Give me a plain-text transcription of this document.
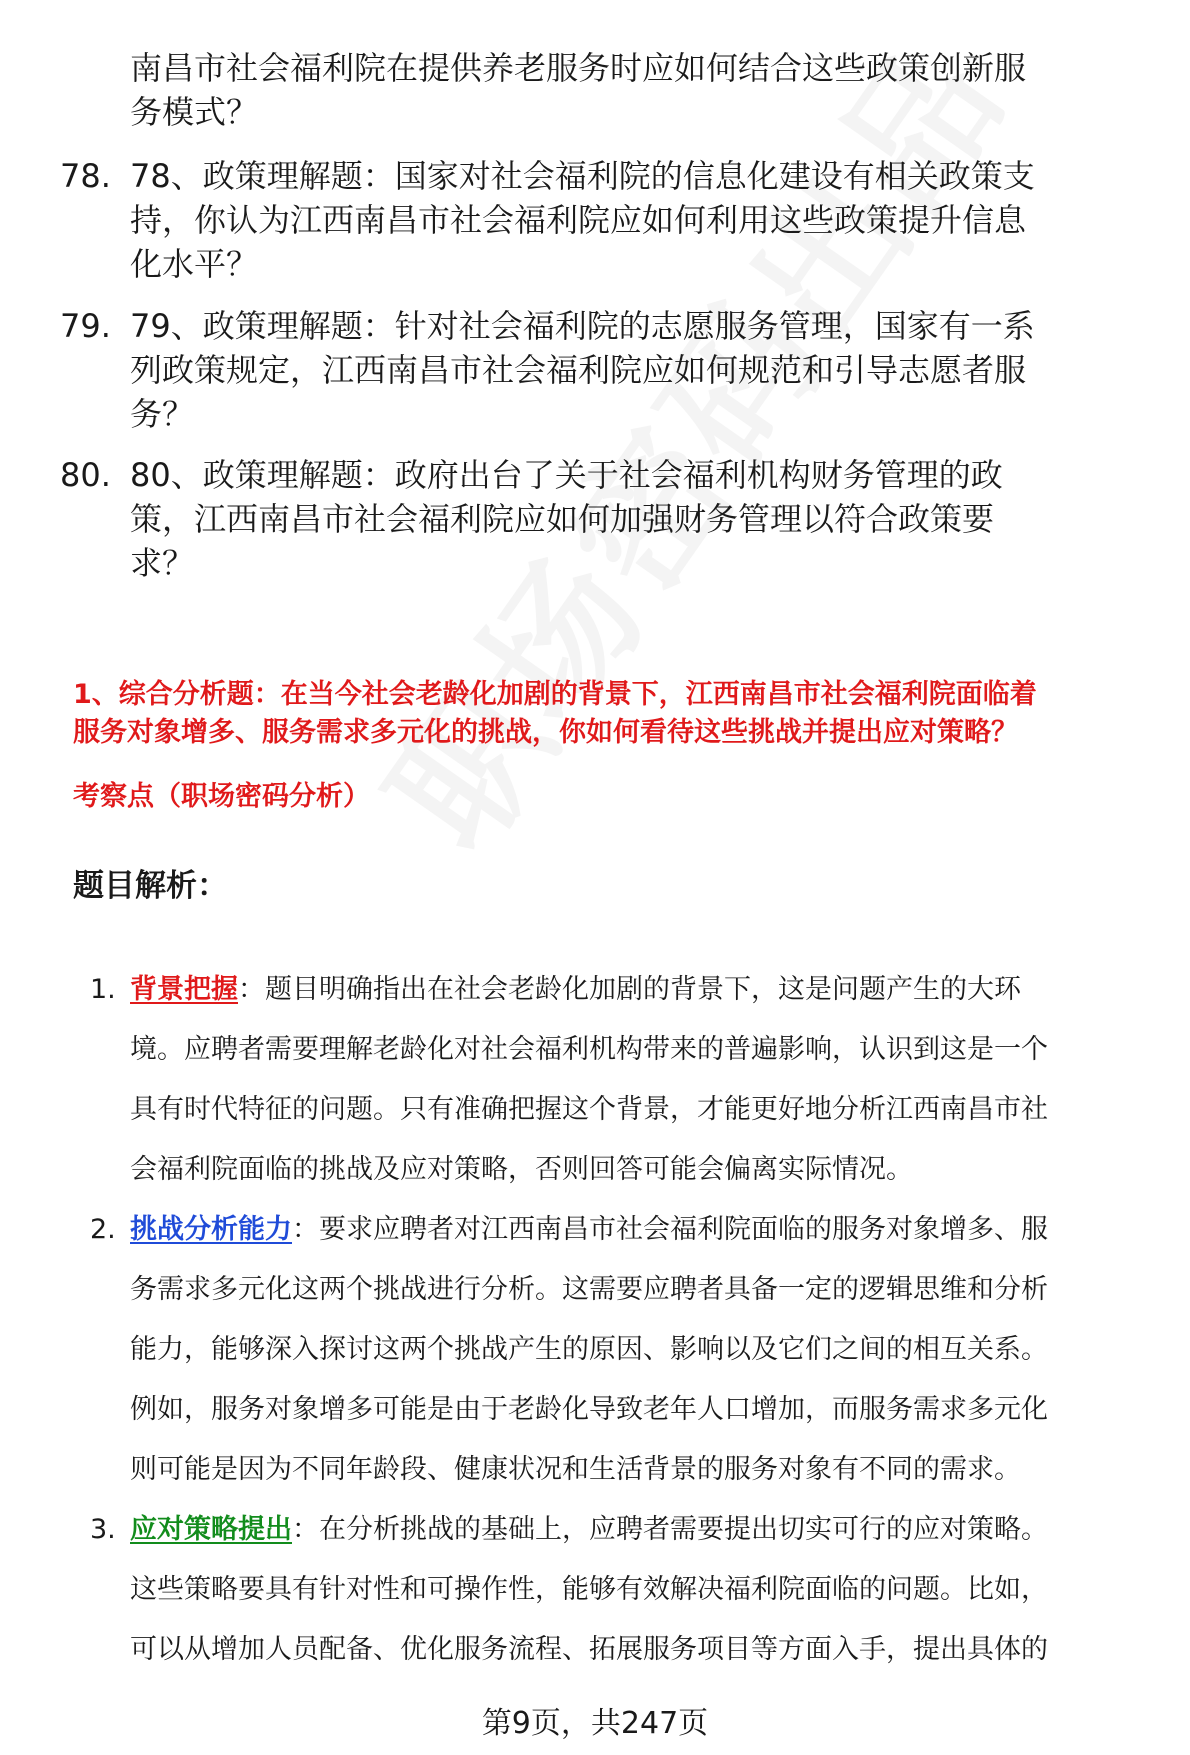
南昌市社会福利院在提供养老服务时应如何结合这些政策创新服
务模式？
78. 78、政策理解题：国家对社会福利院的信息化建设有相关政策支
持，你认为江西南昌市社会福利院应如何利用这些政策提升信息
化水平？
79. 79、政策理解题：针对社会福利院的志愿服务管理，国家有一系
列政策规定，江西南昌市社会福利院应如何规范和引导志愿者服
务？
80. 80、政策理解题：政府出台了关于社会福利机构财务管理的政
策，江西南昌市社会福利院应如何加强财务管理以符合政策要
求？
1、综合分析题：在当今社会老龄化加剧的背景下，江西南昌市社会福利院面临着
服务对象增多、服务需求多元化的挑战，你如何看待这些挑战并提出应对策略？
考察点（职场密码分析）
题目解析：
1. 背景把握：题目明确指出在社会老龄化加剧的背景下，这是问题产生的大环
境。应聘者需要理解老龄化对社会福利机构带来的普遍影响，认识到这是一个
具有时代特征的问题。只有准确把握这个背景，才能更好地分析江西南昌市社
会福利院面临的挑战及应对策略，否则回答可能会偏离实际情况。
2. 挑战分析能力：要求应聘者对江西南昌市社会福利院面临的服务对象增多、服
务需求多元化这两个挑战进行分析。这需要应聘者具备一定的逻辑思维和分析
能力，能够深入探讨这两个挑战产生的原因、影响以及它们之间的相互关系。
例如，服务对象增多可能是由于老龄化导致老年人口增加，而服务需求多元化
则可能是因为不同年龄段、健康状况和生活背景的服务对象有不同的需求。
3. 应对策略提出：在分析挑战的基础上，应聘者需要提出切实可行的应对策略。
这些策略要具有针对性和可操作性，能够有效解决福利院面临的问题。比如，
可以从增加人员配备、优化服务流程、拓展服务项目等方面入手，提出具体的
第9页，共247页
